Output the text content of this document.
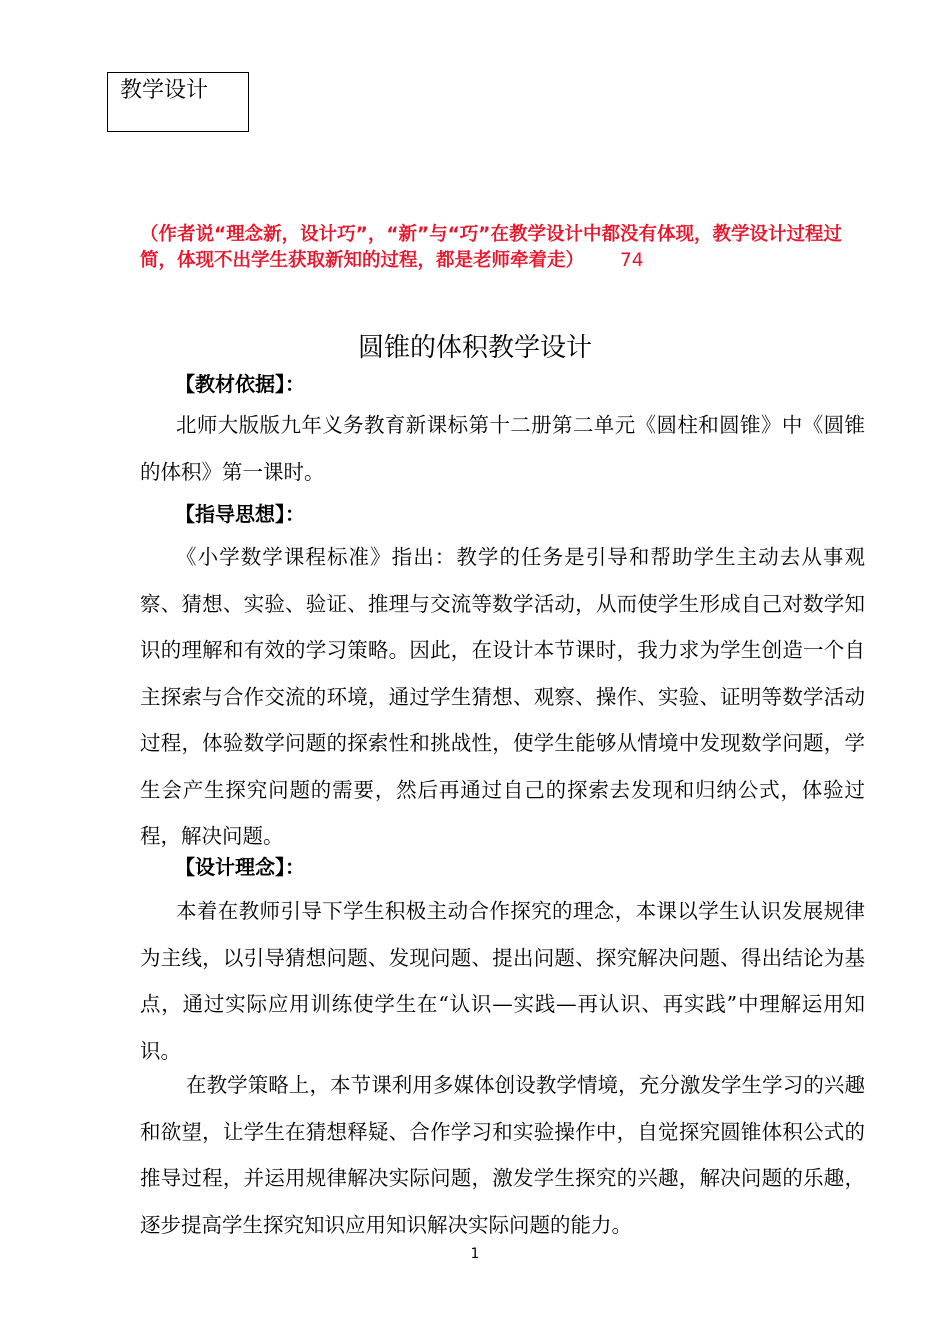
教学设计
（作者说“理念新，设计巧”，“新”与“巧”在教学设计中都没有体现，教学设计过程过简，体现不出学生获取新知的过程，都是老师牵着走） 74
圆锥的体积教学设计
【教材依据】：
北师大版版九年义务教育新课标第十二册第二单元《圆柱和圆锥》中《圆锥的体积》第一课时。
【指导思想】：
《小学数学课程标准》指出：教学的任务是引导和帮助学生主动去从事观察、猜想、实验、验证、推理与交流等数学活动，从而使学生形成自己对数学知识的理解和有效的学习策略。因此，在设计本节课时，我力求为学生创造一个自主探索与合作交流的环境，通过学生猜想、观察、操作、实验、证明等数学活动过程，体验数学问题的探索性和挑战性，使学生能够从情境中发现数学问题，学生会产生探究问题的需要，然后再通过自己的探索去发现和归纳公式，体验过程，解决问题。
【设计理念】：
本着在教师引导下学生积极主动合作探究的理念，本课以学生认识发展规律为主线，以引导猜想问题、发现问题、提出问题、探究解决问题、得出结论为基点，通过实际应用训练使学生在“认识—实践—再认识、再实践”中理解运用知识。
在教学策略上，本节课利用多媒体创设教学情境，充分激发学生学习的兴趣和欲望，让学生在猜想释疑、合作学习和实验操作中，自觉探究圆锥体积公式的推导过程，并运用规律解决实际问题，激发学生探究的兴趣，解决问题的乐趣，逐步提高学生探究知识应用知识解决实际问题的能力。
1
